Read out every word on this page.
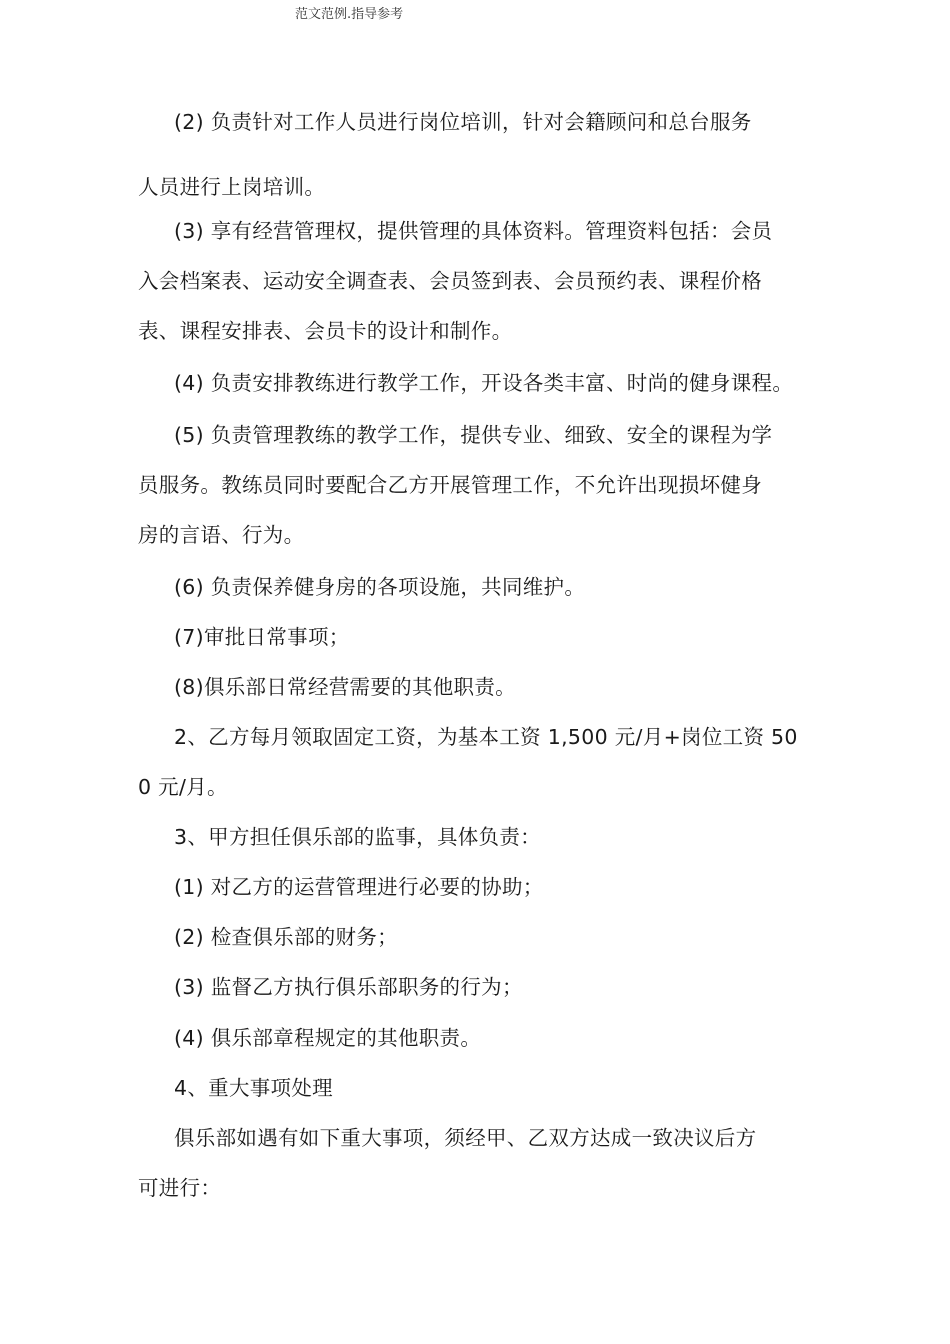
范文范例.指导参考
(2) 负责针对工作人员进行岗位培训，针对会籍顾问和总台服务
人员进行上岗培训。
(3) 享有经营管理权，提供管理的具体资料。管理资料包括：会员
入会档案表、运动安全调查表、会员签到表、会员预约表、课程价格
表、课程安排表、会员卡的设计和制作。
(4) 负责安排教练进行教学工作，开设各类丰富、时尚的健身课程。
(5) 负责管理教练的教学工作，提供专业、细致、安全的课程为学
员服务。教练员同时要配合乙方开展管理工作，不允许出现损坏健身
房的言语、行为。
(6) 负责保养健身房的各项设施，共同维护。
(7)审批日常事项；
(8)俱乐部日常经营需要的其他职责。
2、乙方每月领取固定工资，为基本工资 1,500 元/月+岗位工资 50
0 元/月。
3、甲方担任俱乐部的监事，具体负责：
(1) 对乙方的运营管理进行必要的协助；
(2) 检查俱乐部的财务；
(3) 监督乙方执行俱乐部职务的行为；
(4) 俱乐部章程规定的其他职责。
4、重大事项处理
俱乐部如遇有如下重大事项，须经甲、乙双方达成一致决议后方
可进行：
